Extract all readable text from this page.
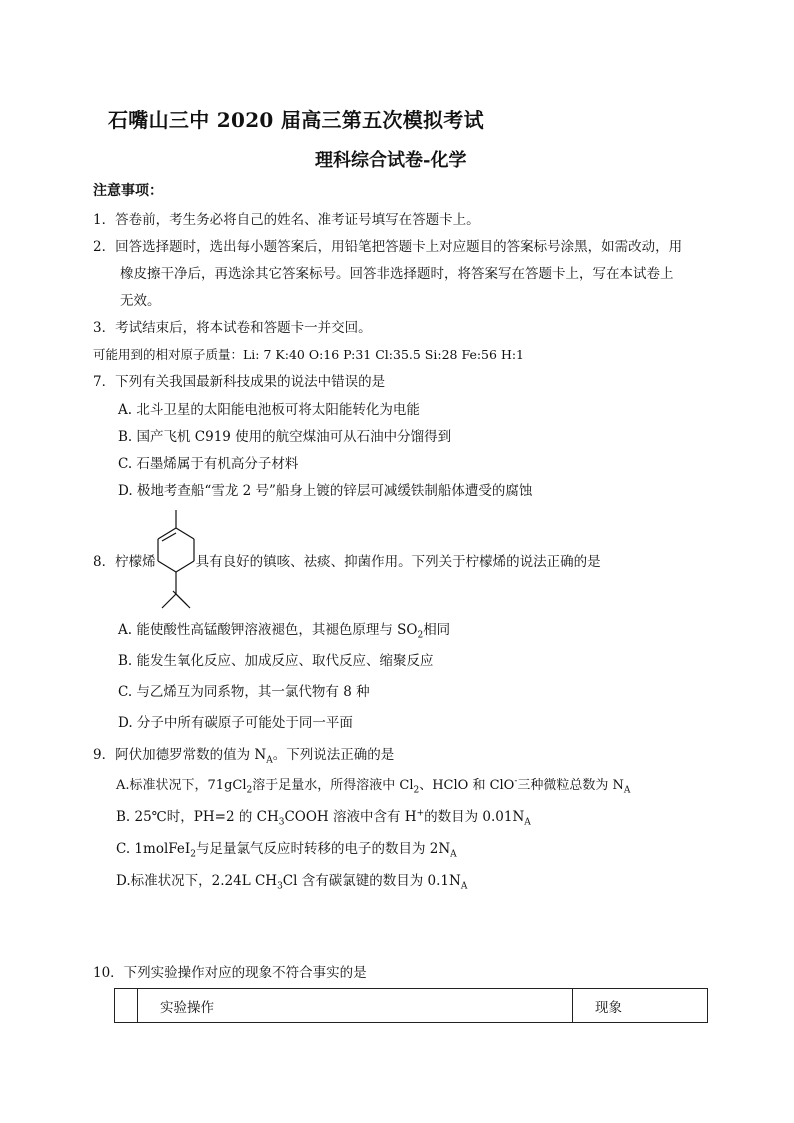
石嘴山三中 2020 届高三第五次模拟考试
理科综合试卷-化学
注意事项：
1．答卷前，考生务必将自己的姓名、准考证号填写在答题卡上。
2．回答选择题时，选出每小题答案后，用铅笔把答题卡上对应题目的答案标号涂黑，如需改动，用
橡皮擦干净后，再选涂其它答案标号。回答非选择题时，将答案写在答题卡上，写在本试卷上
无效。
3．考试结束后，将本试卷和答题卡一并交回。
可能用到的相对原子质量：Li: 7 K:40 O:16 P:31 Cl:35.5 Si:28 Fe:56 H:1
7．下列有关我国最新科技成果的说法中错误的是
A. 北斗卫星的太阳能电池板可将太阳能转化为电能
B. 国产飞机 C919 使用的航空煤油可从石油中分馏得到
C. 石墨烯属于有机高分子材料
D. 极地考查船“雪龙 2 号”船身上镀的锌层可减缓铁制船体遭受的腐蚀
8．柠檬烯	具有良好的镇咳、祛痰、抑菌作用。下列关于柠檬烯的说法正确的是
A. 能使酸性高锰酸钾溶液褪色，其褪色原理与 $SO_2$相同
B. 能发生氧化反应、加成反应、取代反应、缩聚反应
C. 与乙烯互为同系物，其一氯代物有 8 种
D. 分子中所有碳原子可能处于同一平面
9．阿伏加德罗常数的值为 $N_A$。下列说法正确的是
A.标准状况下，71gCl$_2$溶于足量水，所得溶液中 $Cl_2$、HClO 和 ClO-三种微粒总数为 $N_A$
B. 25℃时，PH=2 的 $CH_3COOH$ 溶液中含有 H+的数目为 $0.01N_A$
C. 1molFeI$_2$与足量氯气反应时转移的电子的数目为 $2N_A$
D.标准状况下，2.24L $CH_3Cl$ 含有碳氯键的数目为 $0.1N_A$
10．下列实验操作对应的现象不符合事实的是
	实验操作	现象
